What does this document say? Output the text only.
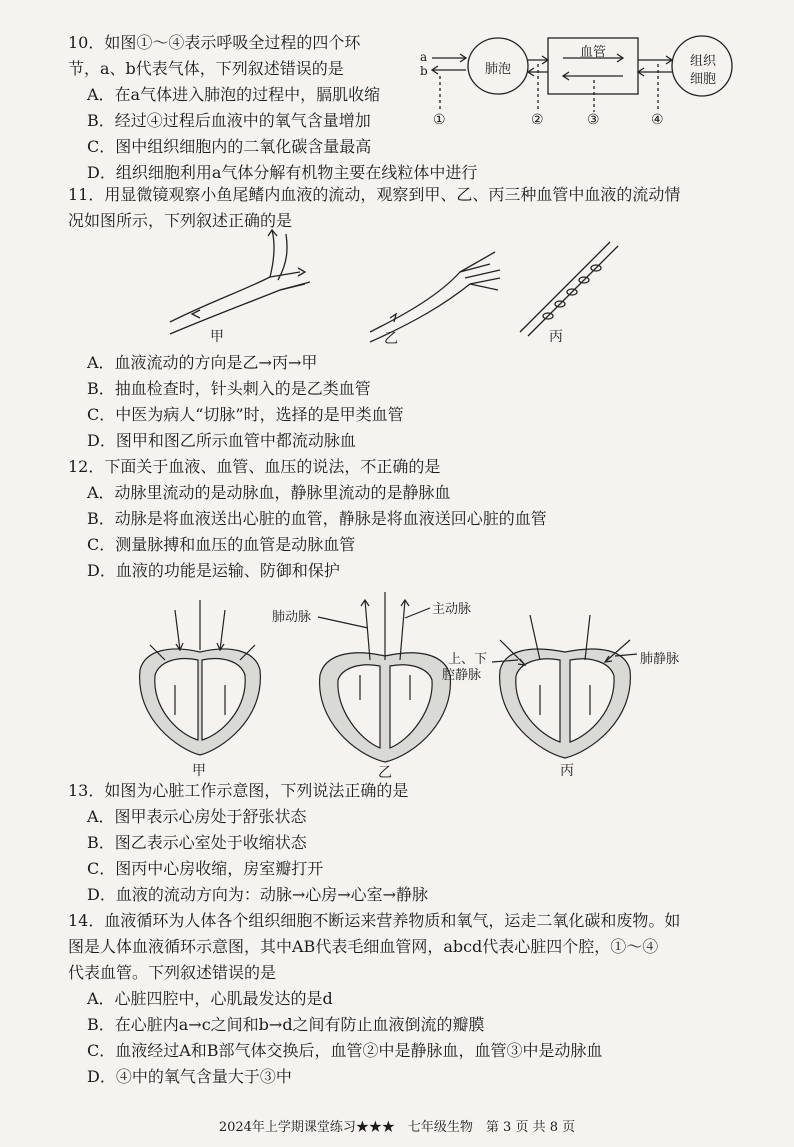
10．如图①～④表示呼吸全过程的四个环
节，a、b代表气体，下列叙述错误的是
A．在a气体进入肺泡的过程中，膈肌收缩
B．经过④过程后血液中的氧气含量增加
C．图中组织细胞内的二氧化碳含量最高
D．组织细胞利用a气体分解有机物主要在线粒体中进行
a
b	肺泡
血管
组织
细胞
①	②	③	④
11．用显微镜观察小鱼尾鳍内血液的流动，观察到甲、乙、丙三种血管中血液的流动情
况如图所示，下列叙述正确的是
甲	乙	丙
A．血液流动的方向是乙→丙→甲
B．抽血检查时，针头刺入的是乙类血管
C．中医为病人“切脉”时，选择的是甲类血管
D．图甲和图乙所示血管中都流动脉血
12．下面关于血液、血管、血压的说法，不正确的是
A．动脉里流动的是动脉血，静脉里流动的是静脉血
B．动脉是将血液送出心脏的血管，静脉是将血液送回心脏的血管
C．测量脉搏和血压的血管是动脉血管
D．血液的功能是运输、防御和保护
肺动脉
主动脉
上、下
腔静脉
肺静脉
甲	乙	丙
13．如图为心脏工作示意图，下列说法正确的是
A．图甲表示心房处于舒张状态
B．图乙表示心室处于收缩状态
C．图丙中心房收缩，房室瓣打开
D．血液的流动方向为：动脉→心房→心室→静脉
14．血液循环为人体各个组织细胞不断运来营养物质和氧气，运走二氧化碳和废物。如
图是人体血液循环示意图，其中AB代表毛细血管网，abcd代表心脏四个腔，①～④
代表血管。下列叙述错误的是
A．心脏四腔中，心肌最发达的是d
B．在心脏内a→c之间和b→d之间有防止血液倒流的瓣膜
C．血液经过A和B部气体交换后，血管②中是静脉血，血管③中是动脉血
D．④中的氧气含量大于③中
2024年上学期课堂练习★★★　七年级生物　第 3 页 共 8 页
